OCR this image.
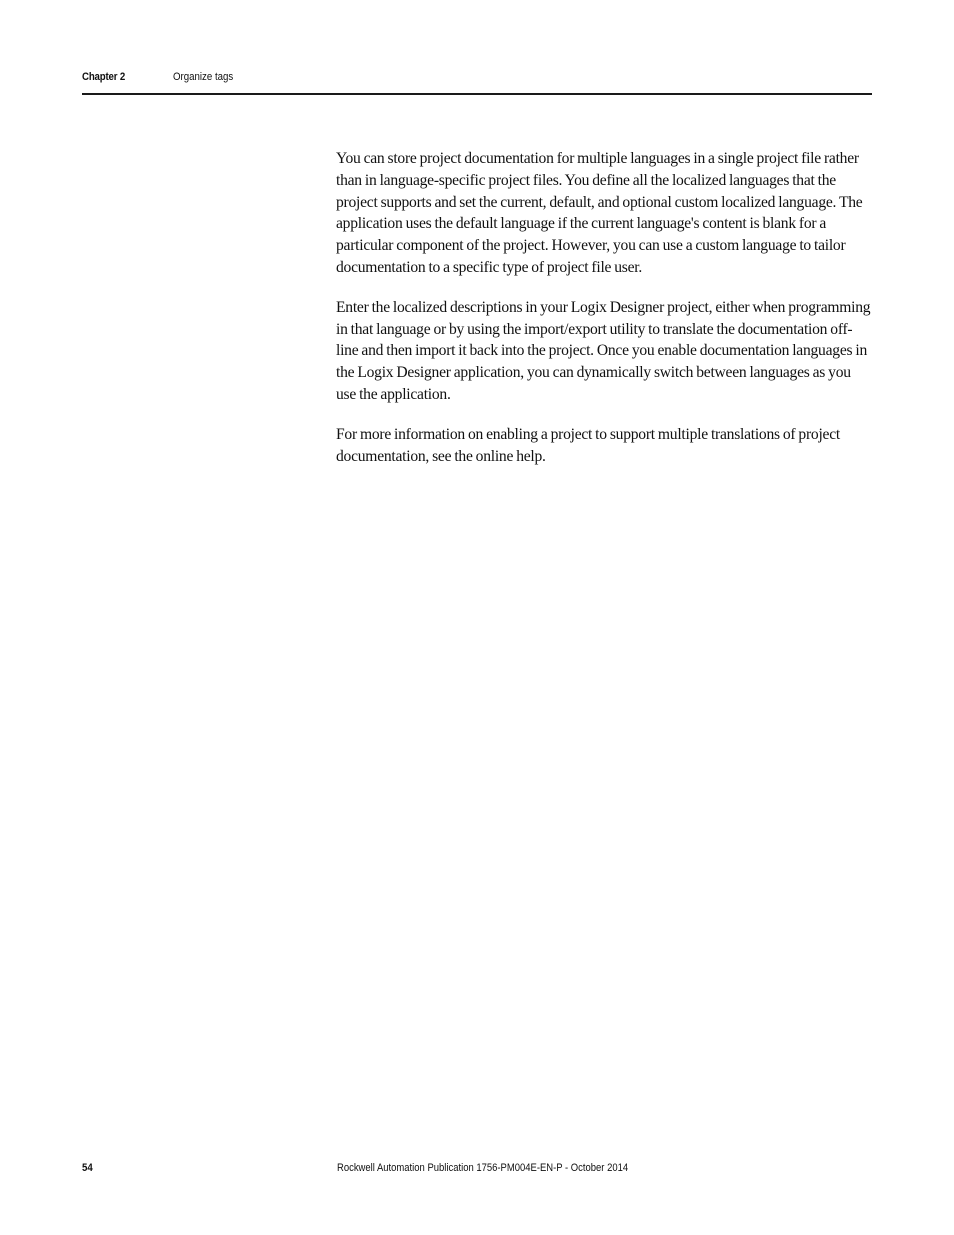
Chapter 2	Organize tags

You can store project documentation for multiple languages in a single project file rather than in language-specific project files. You define all the localized languages that the project supports and set the current, default, and optional custom localized language. The application uses the default language if the current language's content is blank for a particular component of the project. However, you can use a custom language to tailor documentation to a specific type of project file user.

Enter the localized descriptions in your Logix Designer project, either when programming in that language or by using the import/export utility to translate the documentation off-line and then import it back into the project. Once you enable documentation languages in the Logix Designer application, you can dynamically switch between languages as you use the application.

For more information on enabling a project to support multiple translations of project documentation, see the online help.

54	Rockwell Automation Publication 1756-PM004E-EN-P - October 2014
